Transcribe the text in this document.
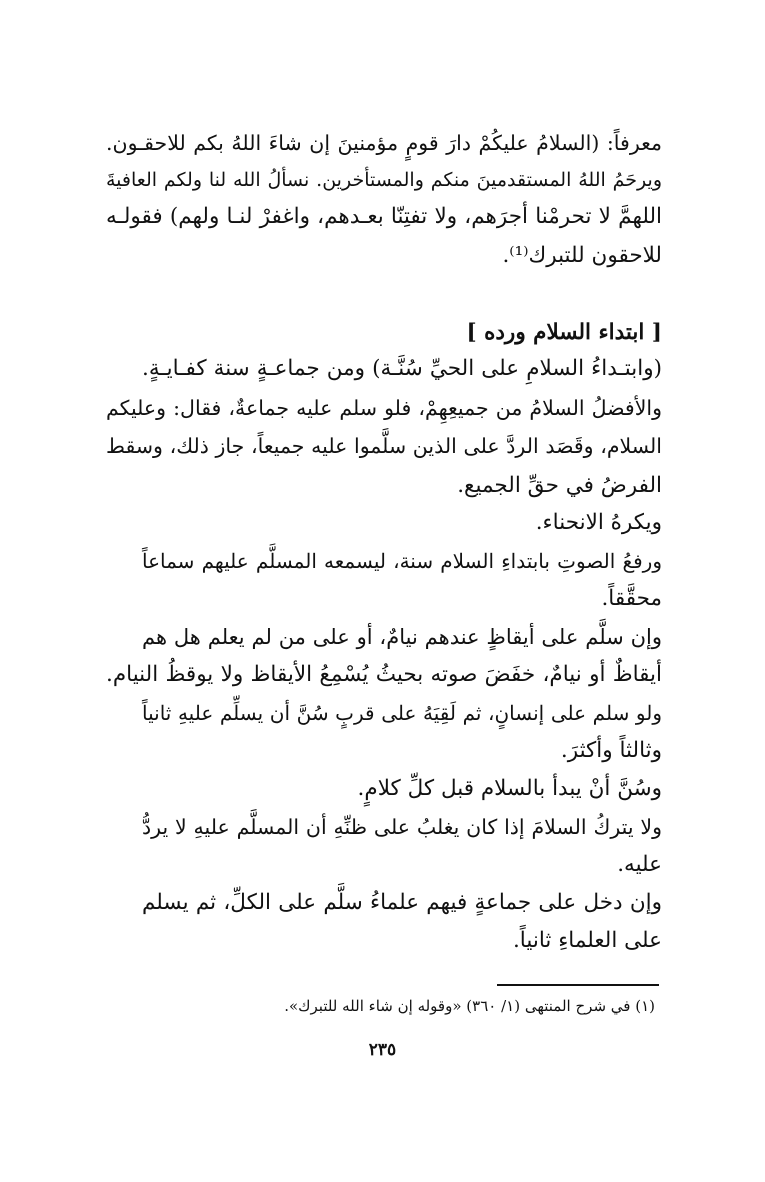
معرفاً: (السلامُ عليكُمْ دارَ قومٍ مؤمنينَ إن شاءَ اللهُ بكم للاحقـون.
ويرحَمُ اللهُ المستقدمينَ منكم والمستأخرين. نسألُ الله لنا ولكم العافيةَ
اللهمَّ لا تحرمْنا أجرَهم، ولا تفتِنّا بعـدهم، واغفرْ لنـا ولهم) فقولـه
للاحقون للتبرك⁽¹⁾.
[ ابتداء السلام ورده ]
(وابتـداءُ السلامِ على الحيِّ سُنَّـة) ومن جماعـةٍ سنة كفـايـةٍ.
والأفضلُ السلامُ من جميعِهِمْ، فلو سلم عليه جماعةٌ، فقال: وعليكم
السلام، وقَصَد الردَّ على الذين سلَّموا عليه جميعاً، جاز ذلك، وسقط
الفرضُ في حقِّ الجميع.
ويكرهُ الانحناء.
ورفعُ الصوتِ بابتداءِ السلام سنة، ليسمعه المسلَّم عليهم سماعاً
محقَّقاً.
وإن سلَّم على أيقاظٍ عندهم نيامٌ، أو على من لم يعلم هل هم
أيقاظٌ أو نيامٌ، خفَضَ صوته بحيثُ يُسْمِعُ الأيقاظ ولا يوقظُ النيام.
ولو سلم على إنسانٍ، ثم لَقِيَهُ على قربٍ سُنَّ أن يسلِّم عليهِ ثانياً
وثالثاً وأكثرَ.
وسُنَّ أنْ يبدأ بالسلام قبل كلِّ كلامٍ.
ولا يتركُ السلامَ إذا كان يغلبُ على ظنِّهِ أن المسلَّم عليهِ لا يردُّ
عليه.
وإن دخل على جماعةٍ فيهم علماءُ سلَّم على الكلِّ، ثم يسلم
على العلماءِ ثانياً.
(١) في شرح المنتهى (١/ ٣٦٠) «وقوله إن شاء الله للتبرك».
٢٣٥
